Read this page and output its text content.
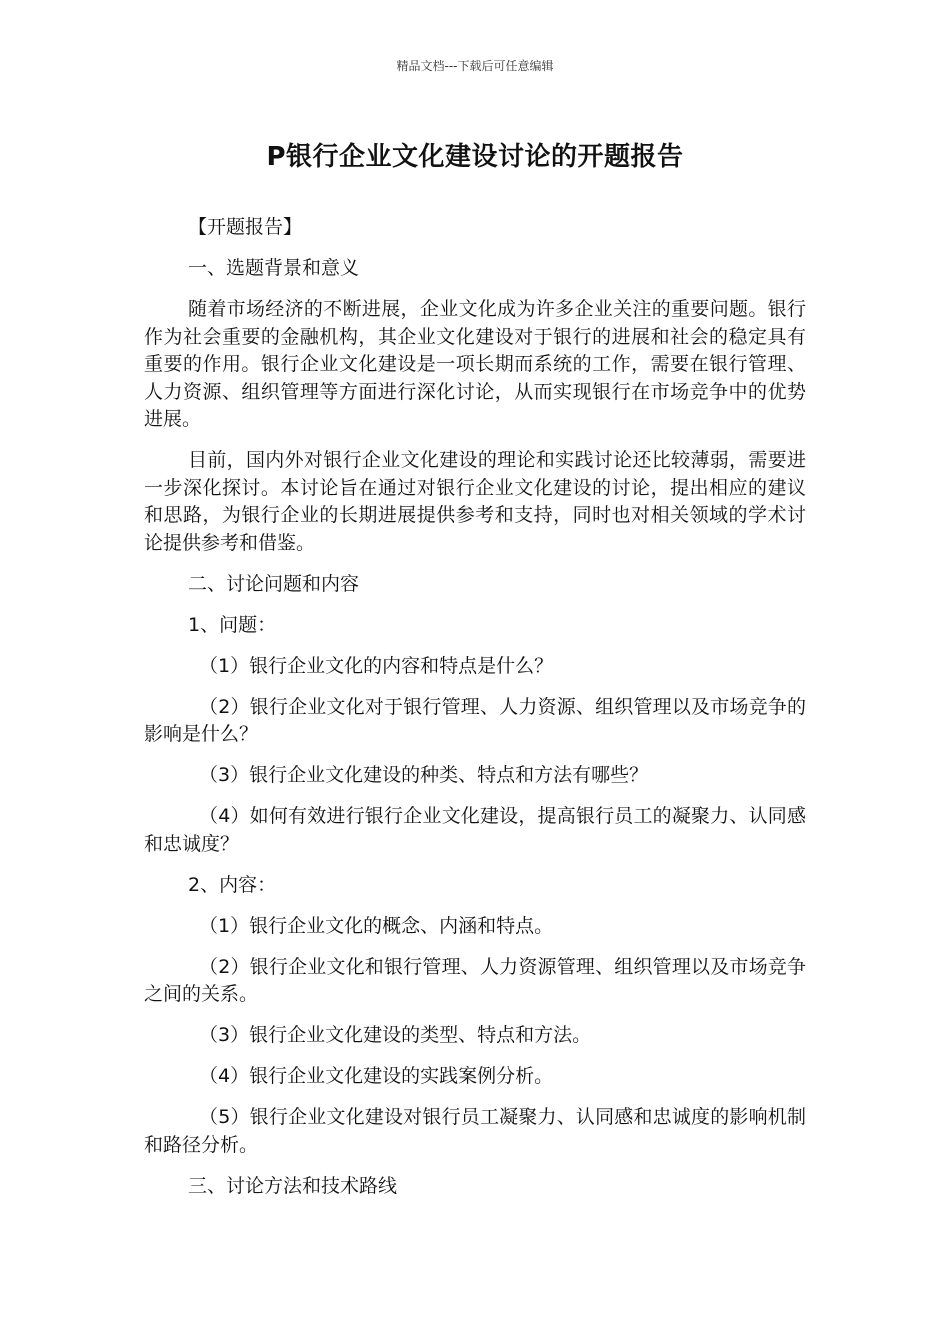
精品文档---下载后可任意编辑
P银行企业文化建设讨论的开题报告

【开题报告】

一、选题背景和意义

随着市场经济的不断进展，企业文化成为许多企业关注的重要问题。银行作为社会重要的金融机构，其企业文化建设对于银行的进展和社会的稳定具有重要的作用。银行企业文化建设是一项长期而系统的工作，需要在银行管理、人力资源、组织管理等方面进行深化讨论，从而实现银行在市场竞争中的优势进展。

目前，国内外对银行企业文化建设的理论和实践讨论还比较薄弱，需要进一步深化探讨。本讨论旨在通过对银行企业文化建设的讨论，提出相应的建议和思路，为银行企业的长期进展提供参考和支持，同时也对相关领域的学术讨论提供参考和借鉴。

二、讨论问题和内容

1、问题：

（1）银行企业文化的内容和特点是什么？

（2）银行企业文化对于银行管理、人力资源、组织管理以及市场竞争的影响是什么？

（3）银行企业文化建设的种类、特点和方法有哪些？

（4）如何有效进行银行企业文化建设，提高银行员工的凝聚力、认同感和忠诚度？

2、内容：

（1）银行企业文化的概念、内涵和特点。

（2）银行企业文化和银行管理、人力资源管理、组织管理以及市场竞争之间的关系。

（3）银行企业文化建设的类型、特点和方法。

（4）银行企业文化建设的实践案例分析。

（5）银行企业文化建设对银行员工凝聚力、认同感和忠诚度的影响机制和路径分析。

三、讨论方法和技术路线
